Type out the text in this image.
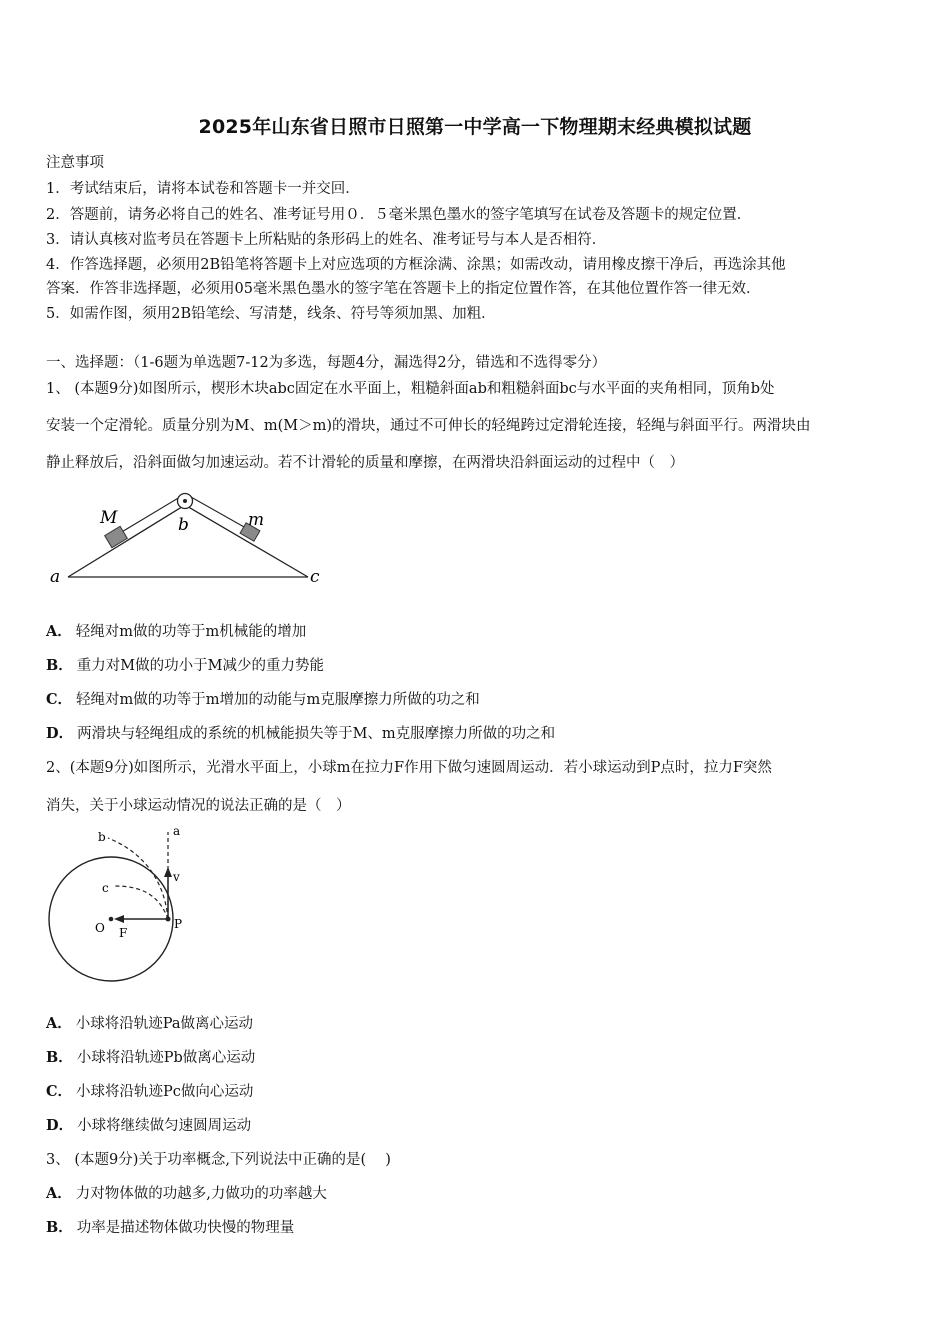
2025年山东省日照市日照第一中学高一下物理期末经典模拟试题
注意事项
1．考试结束后，请将本试卷和答题卡一并交回．
2．答题前，请务必将自己的姓名、准考证号用０．５毫米黑色墨水的签字笔填写在试卷及答题卡的规定位置．
3．请认真核对监考员在答题卡上所粘贴的条形码上的姓名、准考证号与本人是否相符．
4．作答选择题，必须用2B铅笔将答题卡上对应选项的方框涂满、涂黑；如需改动，请用橡皮擦干净后，再选涂其他
答案．作答非选择题，必须用05毫米黑色墨水的签字笔在答题卡上的指定位置作答，在其他位置作答一律无效．
5．如需作图，须用2B铅笔绘、写清楚，线条、符号等须加黑、加粗．
一、选择题：（1-6题为单选题7-12为多选，每题4分，漏选得2分，错选和不选得零分）
1、 (本题9分)如图所示，楔形木块abc固定在水平面上，粗糙斜面ab和粗糙斜面bc与水平面的夹角相同，顶角b处
安装一个定滑轮。质量分别为M、m(M＞m)的滑块，通过不可伸长的轻绳跨过定滑轮连接，轻绳与斜面平行。两滑块由
静止释放后，沿斜面做匀加速运动。若不计滑轮的质量和摩擦，在两滑块沿斜面运动的过程中（　）
M	m
b
a	c
A． 轻绳对m做的功等于m机械能的增加
B． 重力对M做的功小于M减少的重力势能
C． 轻绳对m做的功等于m增加的动能与m克服摩擦力所做的功之和
D． 两滑块与轻绳组成的系统的机械能损失等于M、m克服摩擦力所做的功之和
2、(本题9分)如图所示，光滑水平面上，小球m在拉力F作用下做匀速圆周运动．若小球运动到P点时，拉力F突然
消失，关于小球运动情况的说法正确的是（　）
a
b
c
v
O F
P
A． 小球将沿轨迹Pa做离心运动
B． 小球将沿轨迹Pb做离心运动
C． 小球将沿轨迹Pc做向心运动
D． 小球将继续做匀速圆周运动
3、 (本题9分)关于功率概念,下列说法中正确的是(　 )
A． 力对物体做的功越多,力做功的功率越大
B． 功率是描述物体做功快慢的物理量
